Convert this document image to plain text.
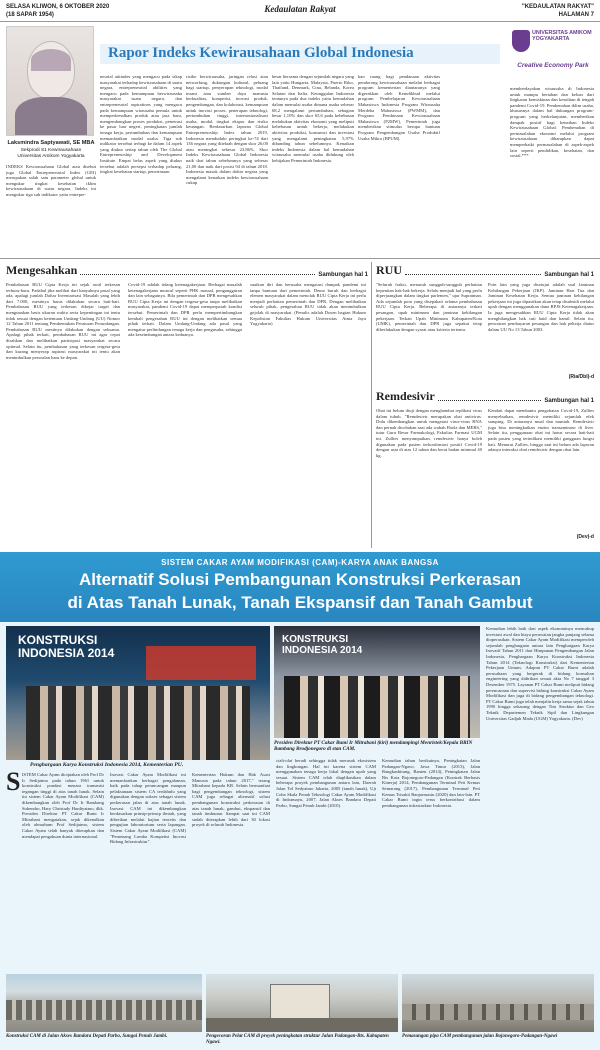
SELASA KLIWON, 6 OKTOBER 2020
(18 SAPAR 1954)
Kedaulatan Rakyat	"KEDAULATAN RAKYAT"
HALAMAN 7
Laksmindra Saptyawati, SE MBA
Sekprodi S1 Kewirausahaan
Universitas Amikom Yogyakarta
INDEKS Kewirausahaan Global atau disebut juga Global Entrepreneurial Index (GEI) merupakan salah satu parameter global untuk mengukur tingkat kesehatan iklim kewirausahaan di suatu negara. Indeks ini mengukur tiga sub indikator yaitu entrepre-
Rapor Indeks Kewirausahaan Global Indonesia
UNIVERSITAS AMIKOM YOGYAKARTA
Creative Economy Park
neurial attitudes yang mengacu pada sikap masyarakat terhadap kewirausahaan di suatu negara, entrepreneurial abilities yang mengacu pada kemampuan berwirausaha masyarakat suatu negara, dan entrepreneurial aspirations yang mengacu pada kemampuan wirausaha pemula untuk memperkenalkan produk atau jasa baru, mengembangkan proses produksi, penetrasi ke pasar luar negeri, peningkatan jumlah tenaga kerja, pertumbuhan dan kemampuan memanfaatkan modal usaha. Tiga sub indikator tersebut terbagi ke dalam 14 aspek yang diukur setiap tahun oleh The Global Entrepreneurship and Development Institute. Empat belas aspek yang diukur tersebut adalah persepsi terhadap peluang, tingkat kesehatan startup, penerimaan
risiko berwirausaha, jaringan relasi atau networking, dukungan kultural, peluang bagi startup, penyerapan teknologi, modal insani atau sumber daya manusia berkualitas, kompetisi, inovasi produk, pengembangan, dan kolaborasi, kemampuan untuk inovasi proses, penerapan teknologi, pertumbuhan tinggi, internasionalisasi usaha, modal, tingkat ekspor dan risiko keuangan. Berdasarkan laporan Global Entrepreneurship Index tahun 2019, Indonesia menduduki peringkat ke-74 dari 136 negara yang ditelaah dengan skor 26,00 atau meningkat sebesar 23,86%. Skor Indeks Kewirausahaan Global Indonesia naik dari tahun sebelumnya yang sebesar 21,00 dan naik dari posisi 94 di tahun 2018. Indonesia masuk dalam daftar negara yang mengalami kenaikan indeks kewirausahaan cukup
besar bersama dengan sejumlah negara yang lain yaitu Hungaria, Malaysia, Puerto Riko, Thailand, Denmark, Cina, Belanda, Korea Selatan dan Italia. Keunggulan Indonesia tentunya pada dua indeks yaitu kemudahan dalam memulai usaha dimana usaha sebesar 68,2 mengalami pertumbuhan, sebagian besar 1,10% dan skor 65,6 pada kebebasan melakukan aktivitas ekonomi yang meliputi kebebasan untuk bekerja, melakukan aktivitas produksi, konsumsi dan investasi yang mengalami peningkatan 5,97% dibanding tahun sebelumnya. Kenaikan indeks Indonesia dalam hal kemudahan wirausaha memulai usaha didukung oleh kebijakan Pemerintah Indonesia.
kan ruang bagi pendanaan aktivitas pendorong kewirausahaan melalui berbagai program kementerian diantaranya yang digerakkan oleh Kemdikbud melalui program Pembelajaran Kewirausahaan Mahasiswa Indonesia Program Wirausaha Merdeka Mahasiswa (PWMM), dan Program Pembinaan Kewirausahaan Mahasiswa (P2MW), Pemerintah juga memberikan stimulus berupa bantuan Program Pengembangan Usaha Produktif Usaha Mikro (BPUM).
memberdayakan wirausaha di Indonesia untuk mampu bertahan dan keluar dari lingkaran kemiskinan dan kesulitan di tengah pandemi Covid-19. Pembenahan iklim usaha, khususnya dalam hal dukungan program-program yang berkelanjutan, memberikan dampak positif bagi kenaikan Indeks Kewirausahaan Global. Pembenahan di permasalahan ekonomi melalui program kewirausahaan diharapkan dapat memperbaiki permasalahan di aspek-aspek lain seperti pendidikan, kesehatan, dan sosial.***
Mengesahkan	Sambungan hal 1
Pembahasan RUU Cipta Kerja ini sejak awal terkesan terburu-buru. Padahal jika melihat dari banyaknya pasal yang ada, apalagi jumlah Daftar Inventarisasi Masalah yang lebih dari 7.000, mestinya harus dilakukan secara hati-hati. Pembahasan RUU yang terkesan dikejar target dan mengunakan basis ukuran waktu serta kepentingan ini tentu tidak sesuai dengan ketentuan Undang-Undang (UU) Nomor 12 Tahun 2011 tentang Pembentukan Peraturan Perundangan. Pembahasan RUU mestinya dilakukan dengan seksama. Apalagi pihak terkait, pembahasan RUU ini agar cepat disahkan dan melibatkan partisipasi masyarakat secara optimal. Selain itu, pembahasan yang terkesan tergesa-gesa dan kurang menyerap aspirasi masyarakat ini tentu akan menimbulkan persoalan baru ke depan.
Covid-19 adalah tidang ketenagakerjaan. Berbagai masalah ketenagakerjaan muncul seperti PHK massal, pengangguran dan lain sebagainya. Bila pemerintah dan DPR mengesahkan RUU Cipta Kerja ini dengan tergesa-gesa tanpa melibatkan masyarakat, pandemi Covid-19 dapat memperparah kondisi tersebut. Pemerintah dan DPR perlu mempertimbangkan kembali pengesahan RUU ini dengan melibatkan semua pihak terkait. Dalam Undang-Undang ada pasal yang mengatur perlindungan tenaga kerja dan pengusaha, sehingga ada keseimbangan antara keduanya.
suaikan diri dan berusaha mengatasi dampak pandemi ini tanpa bantuan dari pemerintah. Demo buruh dan berbagai elemen masyarakat dalam menolak RUU Cipta Kerja ini perlu menjadi perhatian pemerintah dan DPR. Dengan melibatkan seluruh pihak, pengesahan RUU tidak akan menimbulkan gejolak di masyarakat. (Penulis adalah Dosen bagian Hukum Kepolisian Fakultas Hukum Universitas Atma Jaya Yogyakarta)
RUU	Sambungan hal 1
"Seluruh fraksi, menaruh sungguh-sungguh perhatian kepentian hak-hak bekerja. Selalu menjadi hal yang perlu diperjuangkan dalam tingkat parlemen," ujar Supratman. Ada sejumlah poin yang disepakati selama pembahasan RUU Cipta Kerja. Beberapa di antaranya terkait pesangon, upah minimum dan jaminan kehilangan pekerjaan. Terkait Upah Minimum Kabupaten/Kota (UMK), pemerintah dan DPR juga sepakat tetap diberlakukan dengan syarat atau kriteria tertentu.
Poin lain yang juga disetujui adalah soal Jaminan Kehilangan Pekerjaan (JKP). Jaminan Hari Tua dan Jaminan Kesehatan Kerja. Semua jaminan kehilangan pekerjaan ini juga dipastikan akan tetap disubsidi melalui upah dengan menggunakan dana BPJS Ketenagakerjaan. Ia juga mengesahkan RUU Cipta Kerja tidak akan menghilangkan hak cuti haid dan hamil. Selain itu, pencairan pembayaran pesangon dan hak pekerja diatur dalam UU No 13 Tahun 2003.
(Ria/Dbl)-d
Remdesivir	Sambungan hal 1
Obat ini belum diuji dengan menghambat replikasi virus dalam tubuh. "Remdesivir merupakan obat antivirus. Dulu dikembangkan untuk mengatasi virus-virus RNA dan pernah dicobakan saat ada wabah Ebola dan MERS," tutur Guru Besar Farmakologi, Fakultas Farmasi UGM ini. Zullies menyampaikan, remdesivir hanya boleh digunakan pada pasien terkonfirmasi positif Covid-19 dengan usia di atas 12 tahun dan berat badan minimal 40 kg.
Kendati dapat membantu pengobatan Covid-19, Zullies menyebutkan, remdesivir memiliki sejumlah efek samping. Di antaranya mual dan muntah. Remdesivir juga bisa meningkatkan enzim transaminase di liver. Selain itu, penggunaan obat ini harus secara hati-hati pada pasien yang terindikasi memiliki gangguan fungsi hati. Menurut Zullies, hingga saat ini belum ada laporan adanya interaksi obat remdesivir dengan obat lain.
(Dev)-d
SISTEM CAKAR AYAM MODIFIKASI (CAM)-KARYA ANAK BANGSA
Alternatif Solusi Pembangunan Konstruksi Perkerasan
di Atas Tanah Lunak, Tanah Ekspansif dan Tanah Gambut
KONSTRUKSI INDONESIA 2014
Penghargaan Karya Konstruksi Indonesia 2014, Kementerian PU.
KONSTRUKSI INDONESIA 2014
Presiden Direktur PT Cakar Bumi Ir Mitrabani (kiri) mendampingi Menristek/Kepala BRIN Bambang Brodjonegoro di stan CAM.
Kemudian lebih baik dari aspek ekonominya mencakup investasi awal dan biaya perawatan jangka panjang selama dioperasikan. Sistem Cakar Ayam Modifikasi memperoleh sejumlah penghargaan antara lain Penghargaan Karya Inovatif Tahun 2011 dari Himpunan Pengembangan Jalan Indonesia, Penghargaan Karya Konstruksi Indonesia Tahun 2014 (Teknologi Konstruksi) dari Kementerian Pekerjaan Umum. Adapun PT Cakar Bumi adalah perusahaan yang bergerak di bidang konsultan engineering yang didirikan sesuai akta No 7 tanggal 3 Desember 1975. Layanan PT Cakar Bumi meliputi bidang perencanaan dan supervisi bidang konstruksi Cakar Ayam Modifikasi dan juga di bidang pengembangan teknologi. PT Cakar Bumi juga telah menjalin kerja sama sejak tahun 1990 hingga sekarang dengan Tim Struktur dan Geo Teknik Departemen Teknik Sipil dan Lingkungan Universitas Gadjah Mada (UGM) Yogyakarta. (Dev)
S ISTEM Cakar Ayam diciptakan oleh Prof Dr Ir Sedijatmo pada tahun 1961 untuk konstruksi pondasi menara transmisi tegangan tinggi di atas tanah lunak. Selain itu sistem Cakar Ayam Modifikasi (CAM) dikembangkan oleh Prof Dr Ir Bambang Suhendro, Hary Christady Hardiyatmo, dkk. Presiden Direktur PT Cakar Bumi Ir Mitrabani mengatakan, sejak dikenalkan oleh almarhum Prof Sedijatmo, sistem Cakar Ayam telah banyak diterapkan dan mendapat pengakuan dunia internasional.
Inovasi Cakar Ayam Modifikasi ini memanfaatkan berbagai pengalaman, baik pada tahap perancangan maupun pelaksanaan sistem CA terdahulu yang digunakan dengan sukses sebagai sistem perkerasan jalan di atas tanah lunak. Inovasi CAM ini dikembangkan berdasarkan prinsip-prinsip ilmiah, yang diberikan melalui kajian teoretis dan pengujian laboratorium serta lapangan. Sistem Cakar Ayam Modifikasi (CAM) "Pemenang Lomba Kompetisi Inovasi Bidang Infrastruktur".
Kementerian Hukum dan Hak Asasi Manusia pada tahun 2017," terang Mitrabani kepada KR. Selain bermanfaat bagi pengembangan teknologi, sistem CAM juga sebagai alternatif solusi pembangunan konstruksi perkerasan di atas tanah lunak, gambut, ekspansif dan tanah timbunan. Sampai saat ini CAM sudah diterapkan lebih dari 30 lokasi proyek di seluruh Indonesia.
ciali-olat beradi sehingga tidak merusak ekosistem dan lingkungan. Hal ini karena sistem CAM menggunakan tenaga kerja lokal dengan upah yang sesuai. Sistem CAM telah diaplikasikan dalam beberapa proyek pembangunan antara lain, Daerah Jalan Tol Sedyatmo Jakarta, 2005 (tanah lunak), Uji Coba Skala Penuh Teknologi Cakar Ayam Modifikasi di Indramayu, 2007, Jalan Akses Bandara Depati Parbo, Sungai Penuh Jambi (2010).
Kemudian tahun berikutnya, Peningkatan Jalan Padangan-Ngawi, Jawa Timur (2013), Jalan Rangkasbitung, Banten (2014), Peningkatan Jalan Bts Kota Bojonegoro-Padangan (Kontrak Berbasis Kinerja) 2014, Pembangunan Terminal Peti Kemas Semarang (2017), Pembangunan Terminal Peti Kemas Trisakti Banjarmasin (2020) dan lain-lain. PT Cakar Bumi ingin terus berkontribusi dalam pembangunan infrastruktur Indonesia.
Konstruksi CAM di Jalan Akses Bandara Depati Parbo, Sungai Penuh Jambi.	Pengecoran Pelat CAM di proyek peningkatan struktur Jalan Padangan-Bts. Kabupaten Ngawi.
Pemasangan pipa CAM pembangunan jalan Bojonegoro-Padangan-Ngawi
